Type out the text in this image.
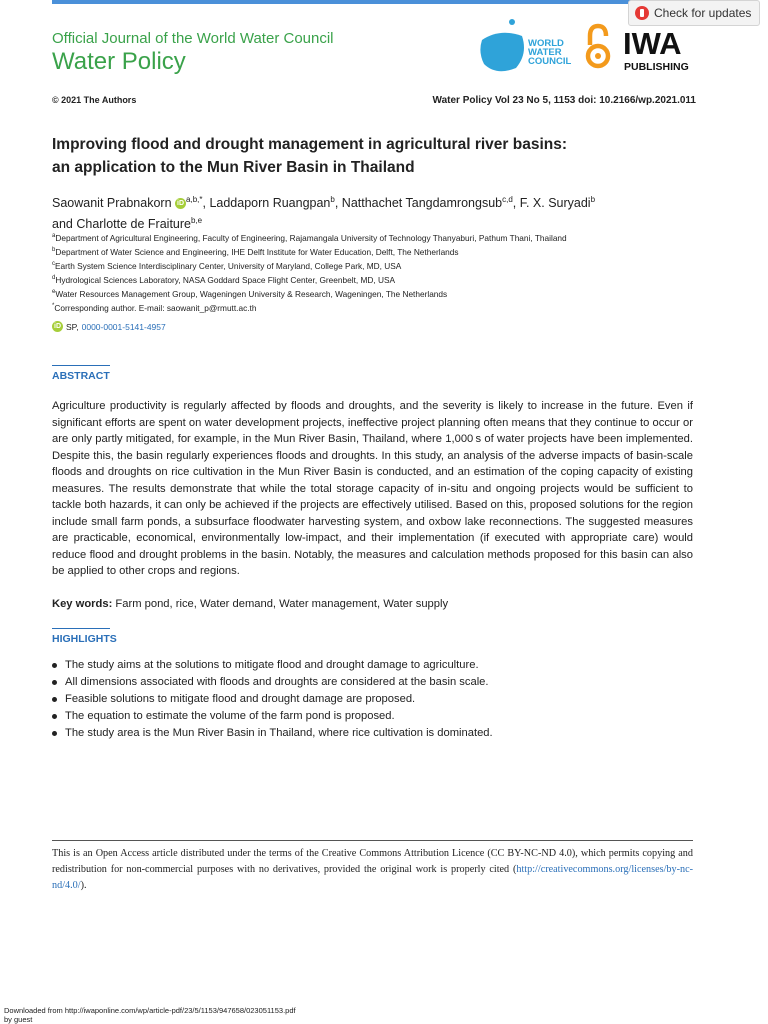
Check for updates
Official Journal of the World Water Council
Water Policy
WORLD
WATER
COUNCIL
IWA
PUBLISHING
© 2021 The Authors	Water Policy Vol 23 No 5, 1153 doi: 10.2166/wp.2021.011
Improving flood and drought management in agricultural river basins:
an application to the Mun River Basin in Thailand
Saowanit Prabnakorn iD $^{a,b,*}$, Laddaporn Ruangpan$^b$, Natthachet Tangdamrongsub$^{c,d}$, F. X. Suryadi$^b$
and Charlotte de Fraiture$^{b,e}$
$^a$Department of Agricultural Engineering, Faculty of Engineering, Rajamangala University of Technology Thanyaburi, Pathum Thani, Thailand
$^b$Department of Water Science and Engineering, IHE Delft Institute for Water Education, Delft, The Netherlands
$^c$Earth System Science Interdisciplinary Center, University of Maryland, College Park, MD, USA
$^d$Hydrological Sciences Laboratory, NASA Goddard Space Flight Center, Greenbelt, MD, USA
$^e$Water Resources Management Group, Wageningen University & Research, Wageningen, The Netherlands
*Corresponding author. E-mail: saowanit_p@rmutt.ac.th
iD SP, 0000-0001-5141-4957
ABSTRACT
Agriculture productivity is regularly affected by floods and droughts, and the severity is likely to increase in the future. Even if significant efforts are spent on water development projects, ineffective project planning often means that they continue to occur or are only partly mitigated, for example, in the Mun River Basin, Thailand, where 1,000 s of water projects have been implemented. Despite this, the basin regularly experiences floods and droughts. In this study, an analysis of the adverse impacts of basin-scale floods and droughts on rice cultivation in the Mun River Basin is conducted, and an estimation of the coping capacity of existing measures. The results demonstrate that while the total storage capacity of in-situ and ongoing projects would be sufficient to tackle both hazards, it can only be achieved if the projects are effectively utilised. Based on this, proposed solutions for the region include small farm ponds, a subsurface floodwater harvesting system, and oxbow lake reconnections. The suggested measures are practicable, economical, environmentally low-impact, and their implementation (if executed with appropriate care) would reduce flood and drought problems in the basin. Notably, the measures and calculation methods proposed for this basin can also be applied to other crops and regions.
Key words: Farm pond, rice, Water demand, Water management, Water supply
HIGHLIGHTS
The study aims at the solutions to mitigate flood and drought damage to agriculture.
All dimensions associated with floods and droughts are considered at the basin scale.
Feasible solutions to mitigate flood and drought damage are proposed.
The equation to estimate the volume of the farm pond is proposed.
The study area is the Mun River Basin in Thailand, where rice cultivation is dominated.
This is an Open Access article distributed under the terms of the Creative Commons Attribution Licence (CC BY-NC-ND 4.0), which permits copying and redistribution for non-commercial purposes with no derivatives, provided the original work is properly cited (http://creativecommons.org/licenses/by-nc-nd/4.0/).
Downloaded from http://iwaponline.com/wp/article-pdf/23/5/1153/947658/023051153.pdf
by guest
